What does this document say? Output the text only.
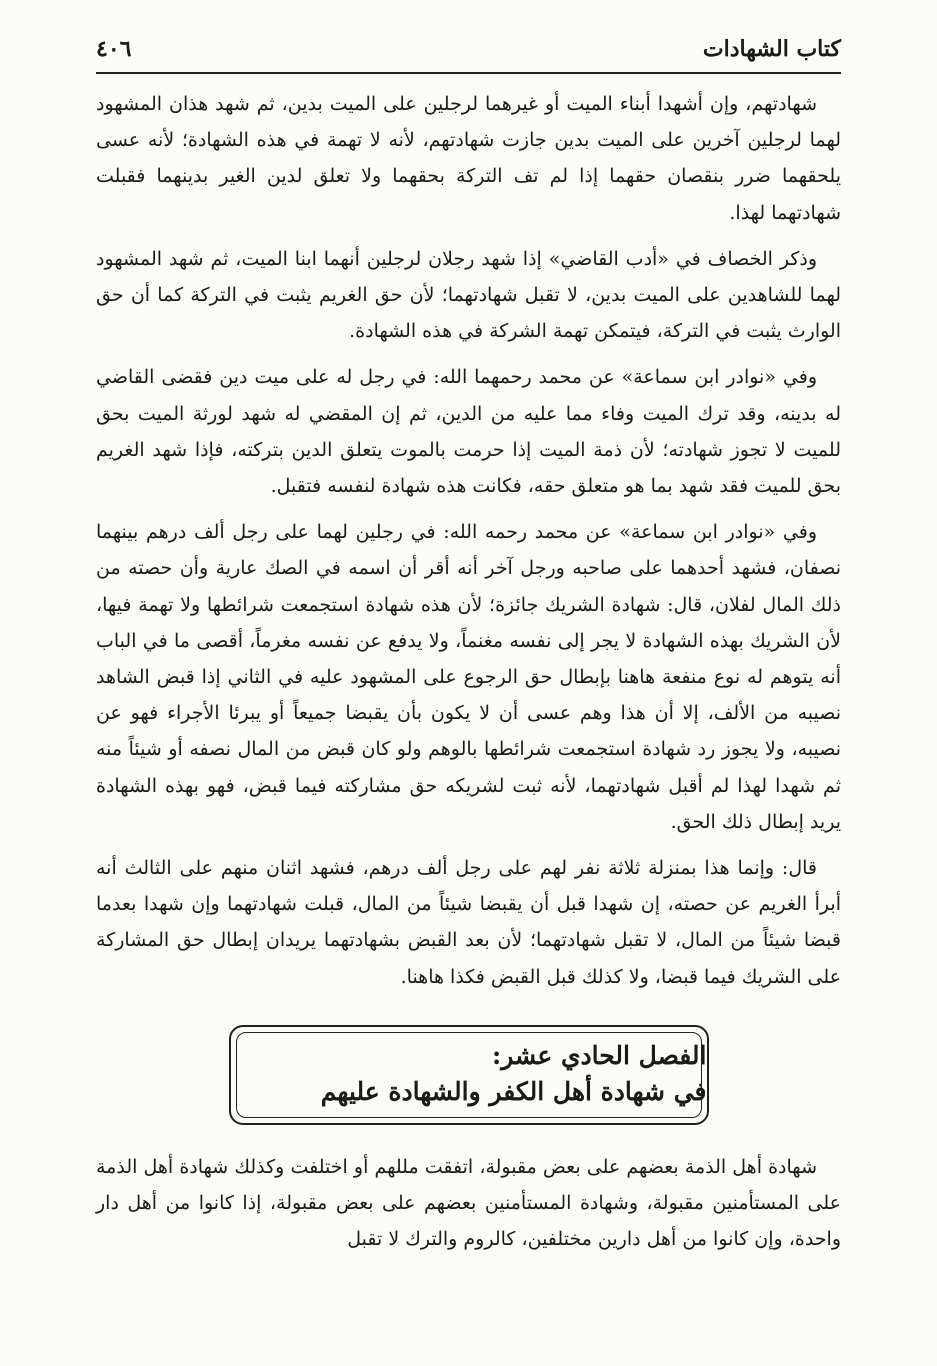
٤٠٦	كتاب الشهادات

شهادتهم، وإن أشهدا أبناء الميت أو غيرهما لرجلين على الميت بدين، ثم شهد هذان المشهود لهما لرجلين آخرين على الميت بدين جازت شهادتهم، لأنه لا تهمة في هذه الشهادة؛ لأنه عسى يلحقهما ضرر بنقصان حقهما إذا لم تف التركة بحقهما ولا تعلق لدين الغير بدينهما فقبلت شهادتهما لهذا.

وذكر الخصاف في «أدب القاضي» إذا شهد رجلان لرجلين أنهما ابنا الميت، ثم شهد المشهود لهما للشاهدين على الميت بدين، لا تقبل شهادتهما؛ لأن حق الغريم يثبت في التركة كما أن حق الوارث يثبت في التركة، فيتمكن تهمة الشركة في هذه الشهادة.

وفي «نوادر ابن سماعة» عن محمد رحمهما الله: في رجل له على ميت دين فقضى القاضي له بدينه، وقد ترك الميت وفاء مما عليه من الدين، ثم إن المقضي له شهد لورثة الميت بحق للميت لا تجوز شهادته؛ لأن ذمة الميت إذا حرمت بالموت يتعلق الدين بتركته، فإذا شهد الغريم بحق للميت فقد شهد بما هو متعلق حقه، فكانت هذه شهادة لنفسه فتقبل.

وفي «نوادر ابن سماعة» عن محمد رحمه الله: في رجلين لهما على رجل ألف درهم بينهما نصفان، فشهد أحدهما على صاحبه ورجل آخر أنه أقر أن اسمه في الصك عارية وأن حصته من ذلك المال لفلان، قال: شهادة الشريك جائزة؛ لأن هذه شهادة استجمعت شرائطها ولا تهمة فيها، لأن الشريك بهذه الشهادة لا يجر إلى نفسه مغنماً، ولا يدفع عن نفسه مغرماً، أقصى ما في الباب أنه يتوهم له نوع منفعة هاهنا بإبطال حق الرجوع على المشهود عليه في الثاني إذا قبض الشاهد نصيبه من الألف، إلا أن هذا وهم عسى أن لا يكون بأن يقبضا جميعاً أو يبرئا الأجراء فهو عن نصيبه، ولا يجوز رد شهادة استجمعت شرائطها بالوهم ولو كان قبض من المال نصفه أو شيئاً منه ثم شهدا لهذا لم أقبل شهادتهما، لأنه ثبت لشريكه حق مشاركته فيما قبض، فهو بهذه الشهادة يريد إبطال ذلك الحق.

قال: وإنما هذا بمنزلة ثلاثة نفر لهم على رجل ألف درهم، فشهد اثنان منهم على الثالث أنه أبرأ الغريم عن حصته، إن شهدا قبل أن يقبضا شيئاً من المال، قبلت شهادتهما وإن شهدا بعدما قبضا شيئاً من المال، لا تقبل شهادتهما؛ لأن بعد القبض بشهادتهما يريدان إبطال حق المشاركة على الشريك فيما قبضا، ولا كذلك قبل القبض فكذا هاهنا.

الفصل الحادي عشر:
في شهادة أهل الكفر والشهادة عليهم

شهادة أهل الذمة بعضهم على بعض مقبولة، اتفقت مللهم أو اختلفت وكذلك شهادة أهل الذمة على المستأمنين مقبولة، وشهادة المستأمنين بعضهم على بعض مقبولة، إذا كانوا من أهل دار واحدة، وإن كانوا من أهل دارين مختلفين، كالروم والترك لا تقبل
